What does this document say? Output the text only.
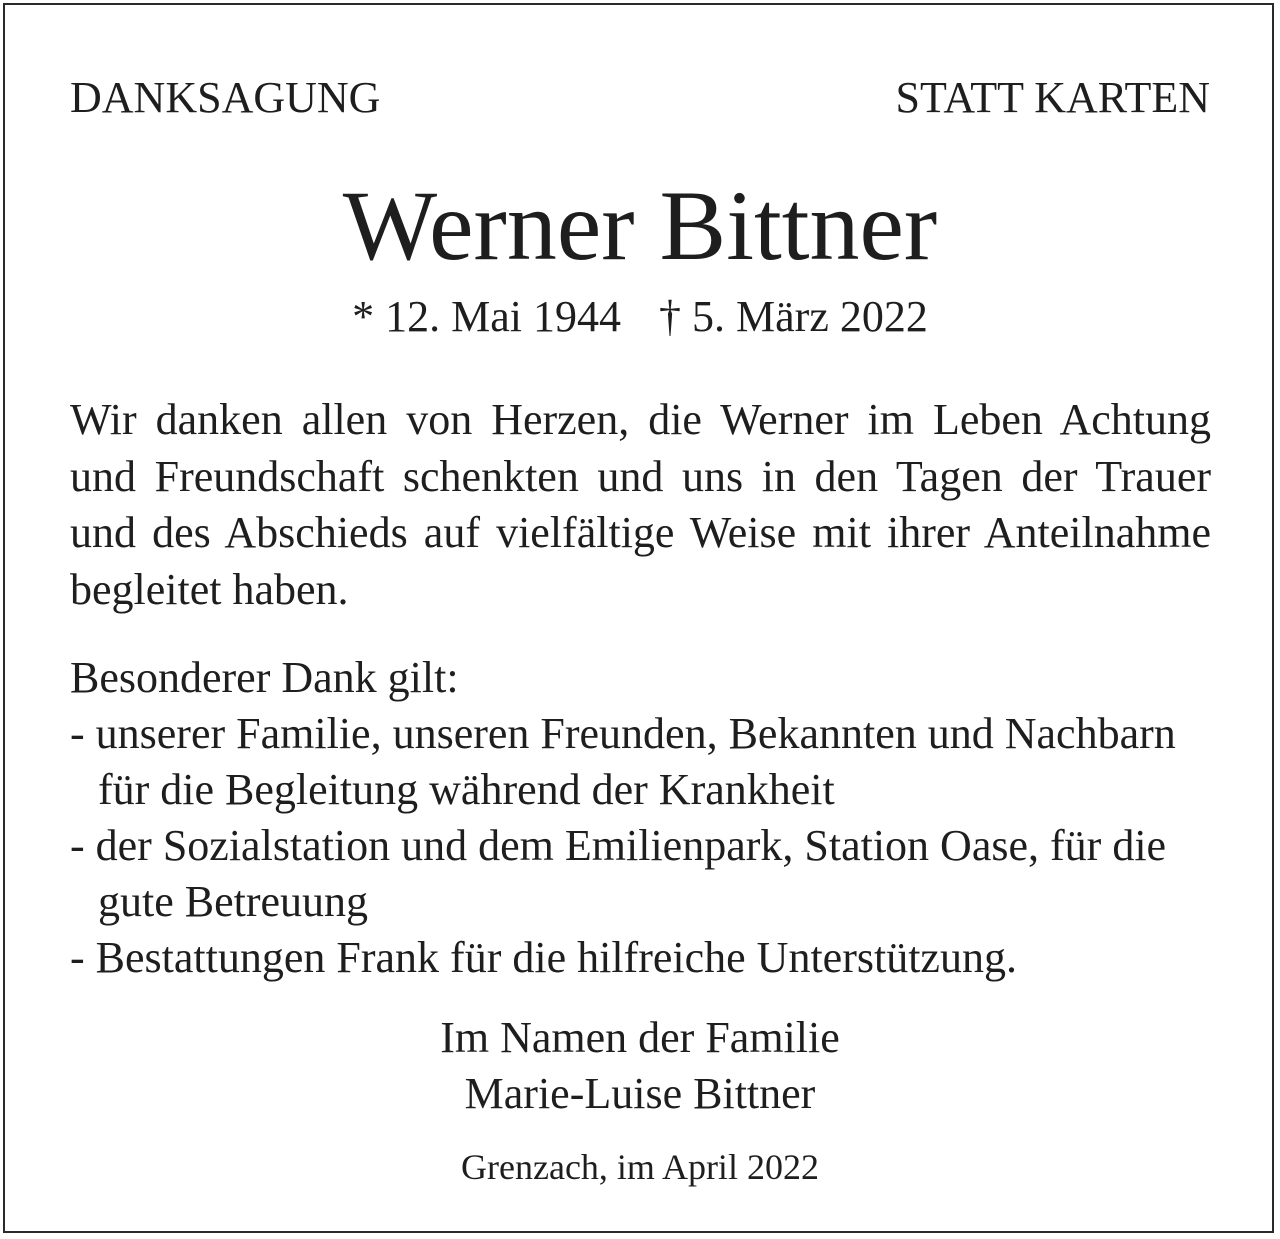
DANKSAGUNG	STATT KARTEN
Werner Bittner
* 12. Mai 1944 † 5. März 2022
Wir danken allen von Herzen, die Werner im Leben Achtung und Freundschaft schenkten und uns in den Tagen der Trauer und des Abschieds auf vielfältige Weise mit ihrer Anteilnahme begleitet haben.

Besonderer Dank gilt:

- unserer Familie, unseren Freunden, Bekannten und Nachbarn für die Begleitung während der Krankheit

- der Sozialstation und dem Emilienpark, Station Oase, für die gute Betreuung

- Bestattungen Frank für die hilfreiche Unterstützung.

Im Namen der Familie

Marie-Luise Bittner

Grenzach, im April 2022
